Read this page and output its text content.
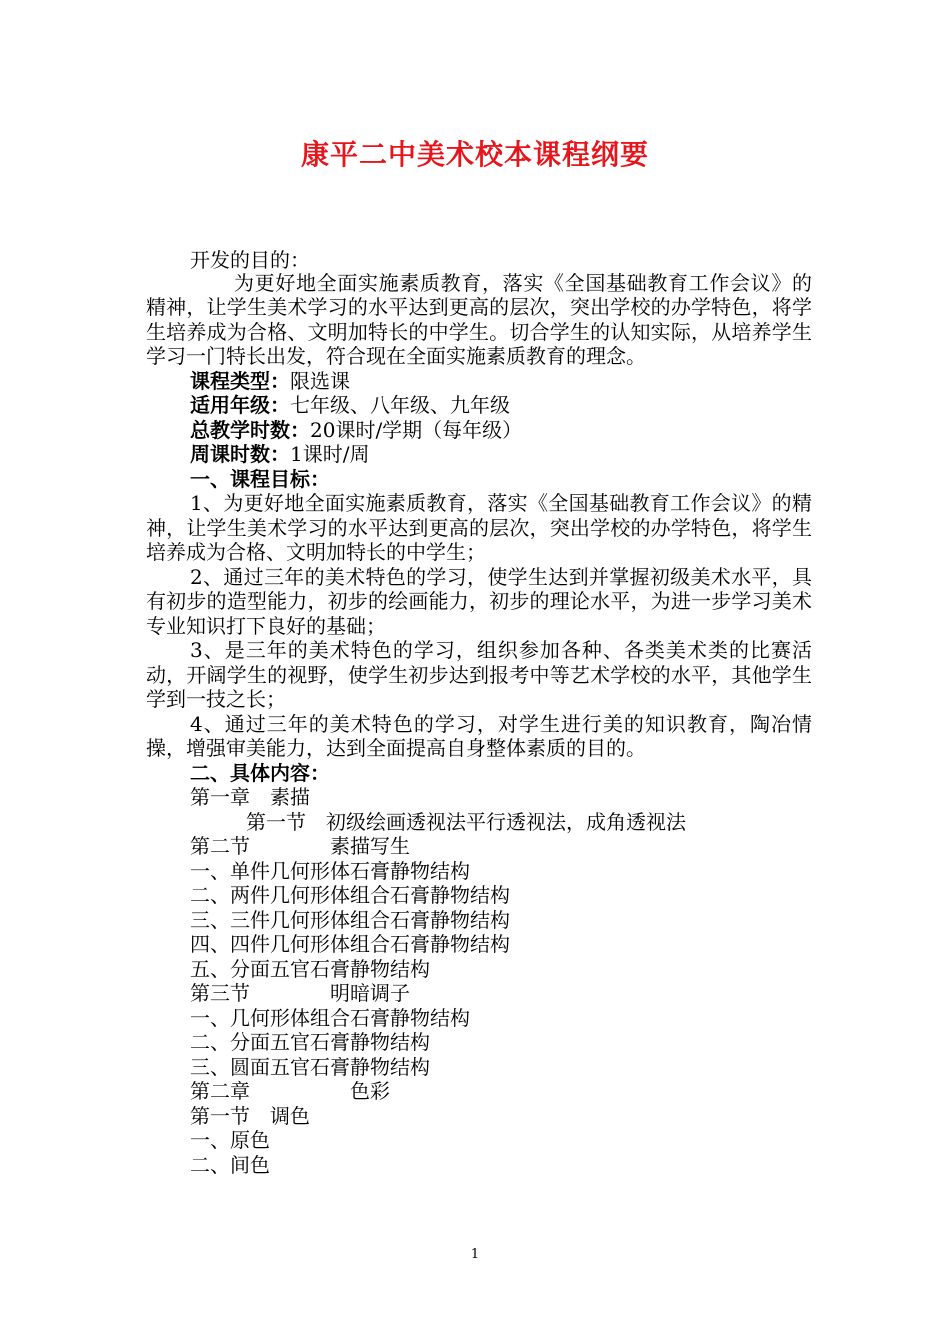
康平二中美术校本课程纲要

开发的目的：

为更好地全面实施素质教育，落实《全国基础教育工作会议》的精神，让学生美术学习的水平达到更高的层次，突出学校的办学特色，将学生培养成为合格、文明加特长的中学生。切合学生的认知实际，从培养学生学习一门特长出发，符合现在全面实施素质教育的理念。

课程类型：限选课

适用年级：七年级、八年级、九年级

总教学时数：20课时/学期（每年级）

周课时数：1课时/周

一、课程目标：

1、为更好地全面实施素质教育，落实《全国基础教育工作会议》的精神，让学生美术学习的水平达到更高的层次，突出学校的办学特色，将学生培养成为合格、文明加特长的中学生；

2、通过三年的美术特色的学习，使学生达到并掌握初级美术水平，具有初步的造型能力，初步的绘画能力，初步的理论水平，为进一步学习美术专业知识打下良好的基础；

3、是三年的美术特色的学习，组织参加各种、各类美术类的比赛活动，开阔学生的视野，使学生初步达到报考中等艺术学校的水平，其他学生学到一技之长；

4、通过三年的美术特色的学习，对学生进行美的知识教育，陶冶情操，增强审美能力，达到全面提高自身整体素质的目的。

二、具体内容：

第一章　素描

第一节　初级绘画透视法平行透视法，成角透视法

第二节　　　　素描写生

一、单件几何形体石膏静物结构

二、两件几何形体组合石膏静物结构

三、三件几何形体组合石膏静物结构

四、四件几何形体组合石膏静物结构

五、分面五官石膏静物结构

第三节　　　　明暗调子

一、几何形体组合石膏静物结构

二、分面五官石膏静物结构

三、圆面五官石膏静物结构

第二章　　　　　色彩

第一节　调色

一、原色

二、间色

1
